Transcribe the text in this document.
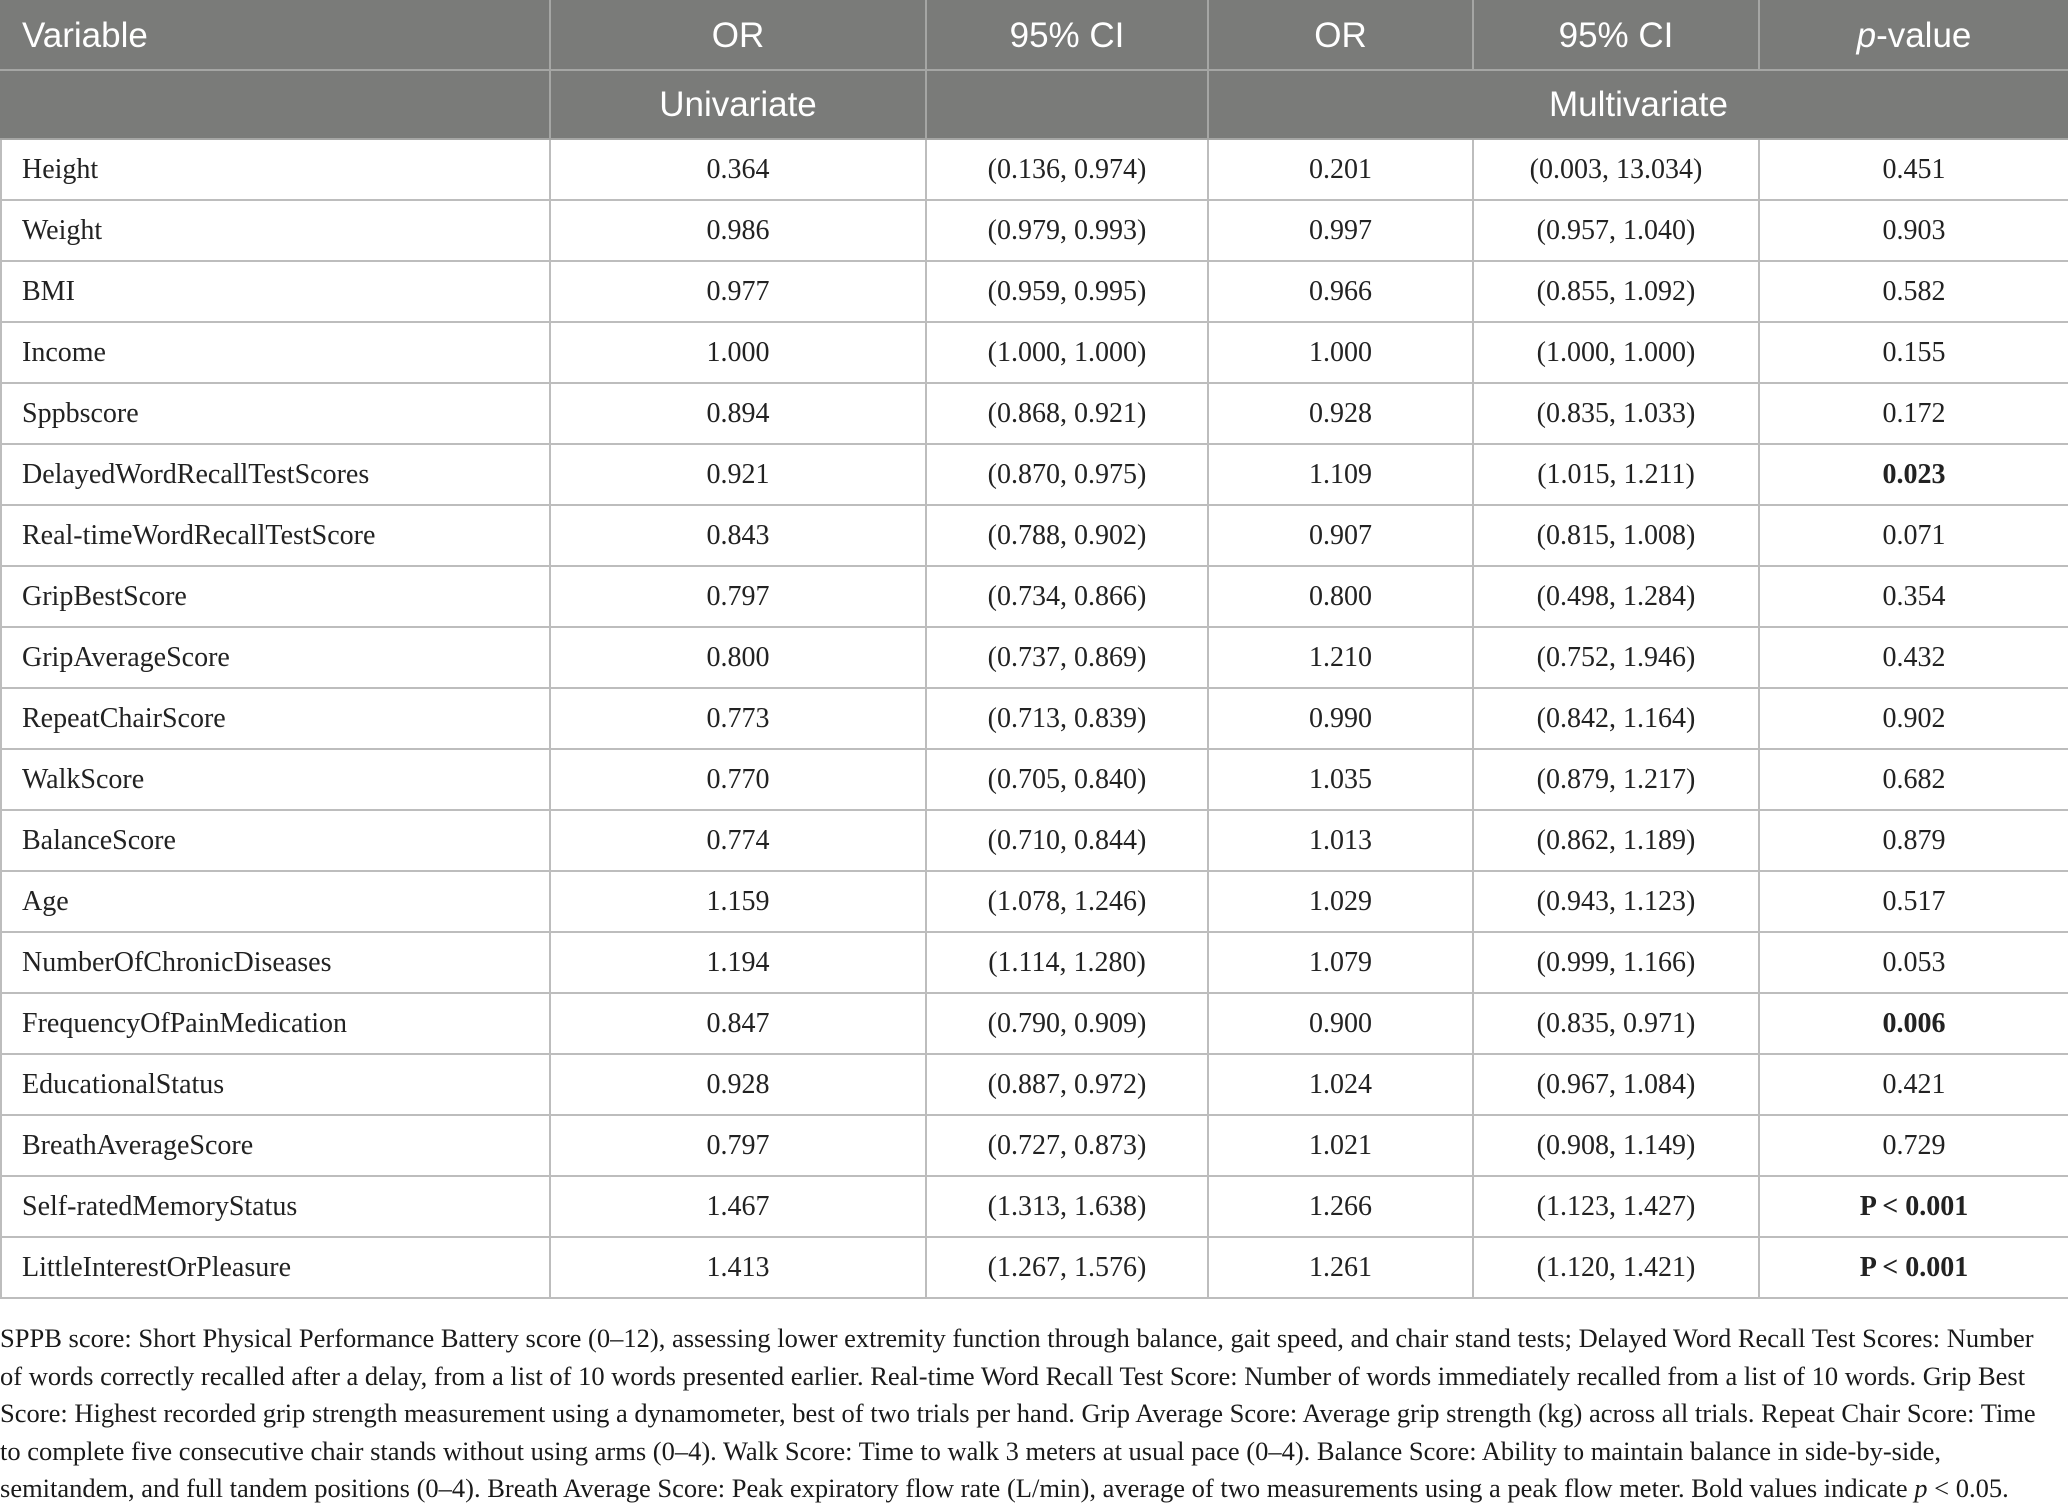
Variable	OR	95% CI	OR	95% CI	p-value
	Univariate		Multivariate		
Height	0.364	(0.136, 0.974)	0.201	(0.003, 13.034)	0.451
Weight	0.986	(0.979, 0.993)	0.997	(0.957, 1.040)	0.903
BMI	0.977	(0.959, 0.995)	0.966	(0.855, 1.092)	0.582
Income	1.000	(1.000, 1.000)	1.000	(1.000, 1.000)	0.155
Sppbscore	0.894	(0.868, 0.921)	0.928	(0.835, 1.033)	0.172
DelayedWordRecallTestScores	0.921	(0.870, 0.975)	1.109	(1.015, 1.211)	0.023
Real-timeWordRecallTestScore	0.843	(0.788, 0.902)	0.907	(0.815, 1.008)	0.071
GripBestScore	0.797	(0.734, 0.866)	0.800	(0.498, 1.284)	0.354
GripAverageScore	0.800	(0.737, 0.869)	1.210	(0.752, 1.946)	0.432
RepeatChairScore	0.773	(0.713, 0.839)	0.990	(0.842, 1.164)	0.902
WalkScore	0.770	(0.705, 0.840)	1.035	(0.879, 1.217)	0.682
BalanceScore	0.774	(0.710, 0.844)	1.013	(0.862, 1.189)	0.879
Age	1.159	(1.078, 1.246)	1.029	(0.943, 1.123)	0.517
NumberOfChronicDiseases	1.194	(1.114, 1.280)	1.079	(0.999, 1.166)	0.053
FrequencyOfPainMedication	0.847	(0.790, 0.909)	0.900	(0.835, 0.971)	0.006
EducationalStatus	0.928	(0.887, 0.972)	1.024	(0.967, 1.084)	0.421
BreathAverageScore	0.797	(0.727, 0.873)	1.021	(0.908, 1.149)	0.729
Self-ratedMemoryStatus	1.467	(1.313, 1.638)	1.266	(1.123, 1.427)	P < 0.001
LittleInterestOrPleasure	1.413	(1.267, 1.576)	1.261	(1.120, 1.421)	P < 0.001
SPPB score: Short Physical Performance Battery score (0–12), assessing lower extremity function through balance, gait speed, and chair stand tests; Delayed Word Recall Test Scores: Number of words correctly recalled after a delay, from a list of 10 words presented earlier. Real-time Word Recall Test Score: Number of words immediately recalled from a list of 10 words. Grip Best Score: Highest recorded grip strength measurement using a dynamometer, best of two trials per hand. Grip Average Score: Average grip strength (kg) across all trials. Repeat Chair Score: Time to complete five consecutive chair stands without using arms (0–4). Walk Score: Time to walk 3 meters at usual pace (0–4). Balance Score: Ability to maintain balance in side-by-side, semitandem, and full tandem positions (0–4). Breath Average Score: Peak expiratory flow rate (L/min), average of two measurements using a peak flow meter. Bold values indicate p < 0.05.
